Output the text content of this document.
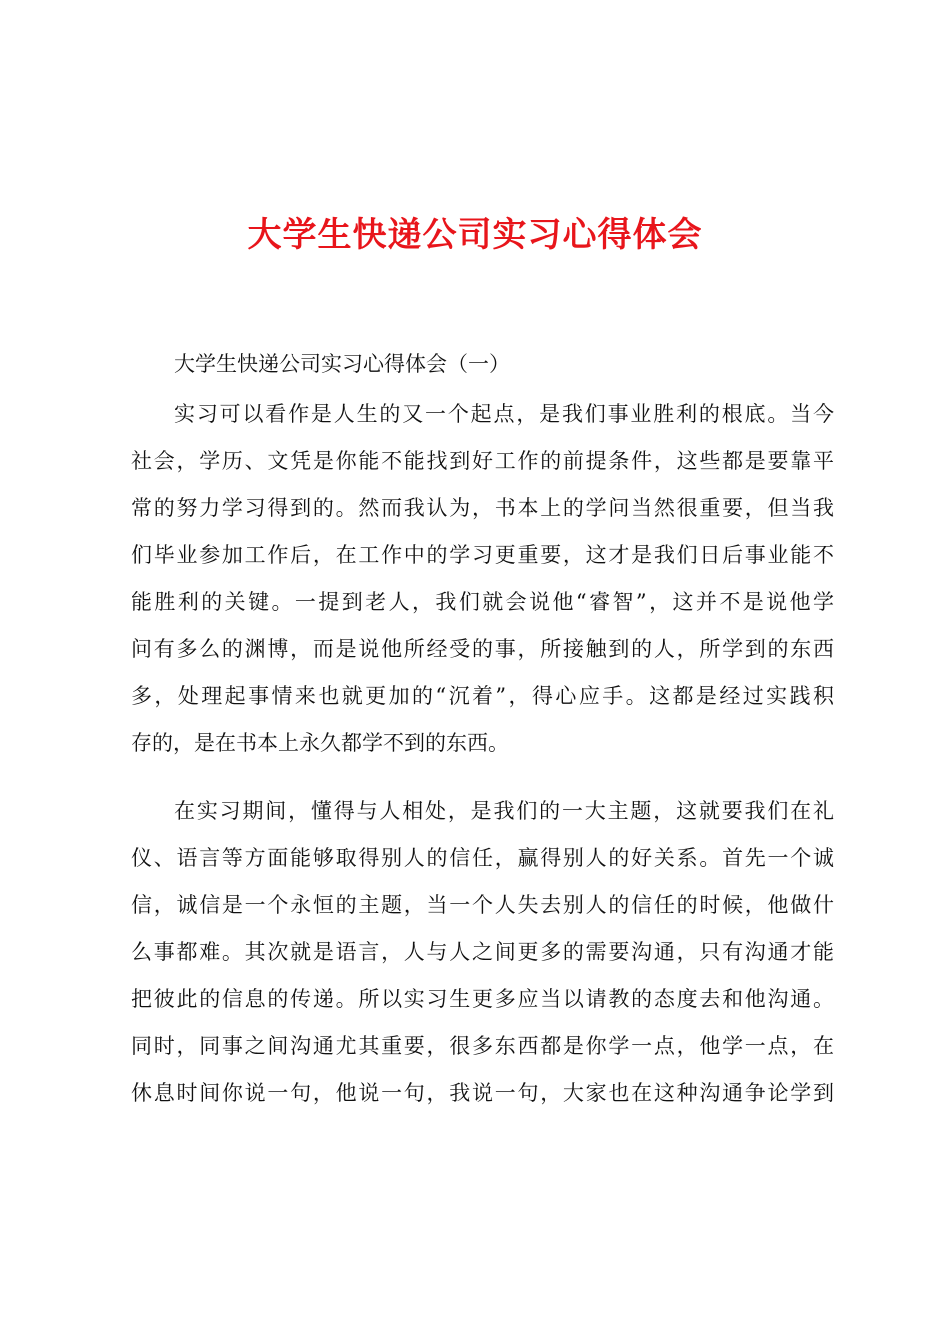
大学生快递公司实习心得体会
大学生快递公司实习心得体会（一）
实习可以看作是人生的又一个起点，是我们事业胜利的根底。当今
社会，学历、文凭是你能不能找到好工作的前提条件，这些都是要靠平
常的努力学习得到的。然而我认为，书本上的学问当然很重要，但当我
们毕业参加工作后，在工作中的学习更重要，这才是我们日后事业能不
能胜利的关键。一提到老人，我们就会说他“睿智”，这并不是说他学
问有多么的渊博，而是说他所经受的事，所接触到的人，所学到的东西
多，处理起事情来也就更加的“沉着”，得心应手。这都是经过实践积
存的，是在书本上永久都学不到的东西。
在实习期间，懂得与人相处，是我们的一大主题，这就要我们在礼
仪、语言等方面能够取得别人的信任，赢得别人的好关系。首先一个诚
信，诚信是一个永恒的主题，当一个人失去别人的信任的时候，他做什
么事都难。其次就是语言，人与人之间更多的需要沟通，只有沟通才能
把彼此的信息的传递。所以实习生更多应当以请教的态度去和他沟通。
同时，同事之间沟通尤其重要，很多东西都是你学一点，他学一点，在
休息时间你说一句，他说一句，我说一句，大家也在这种沟通争论学到
